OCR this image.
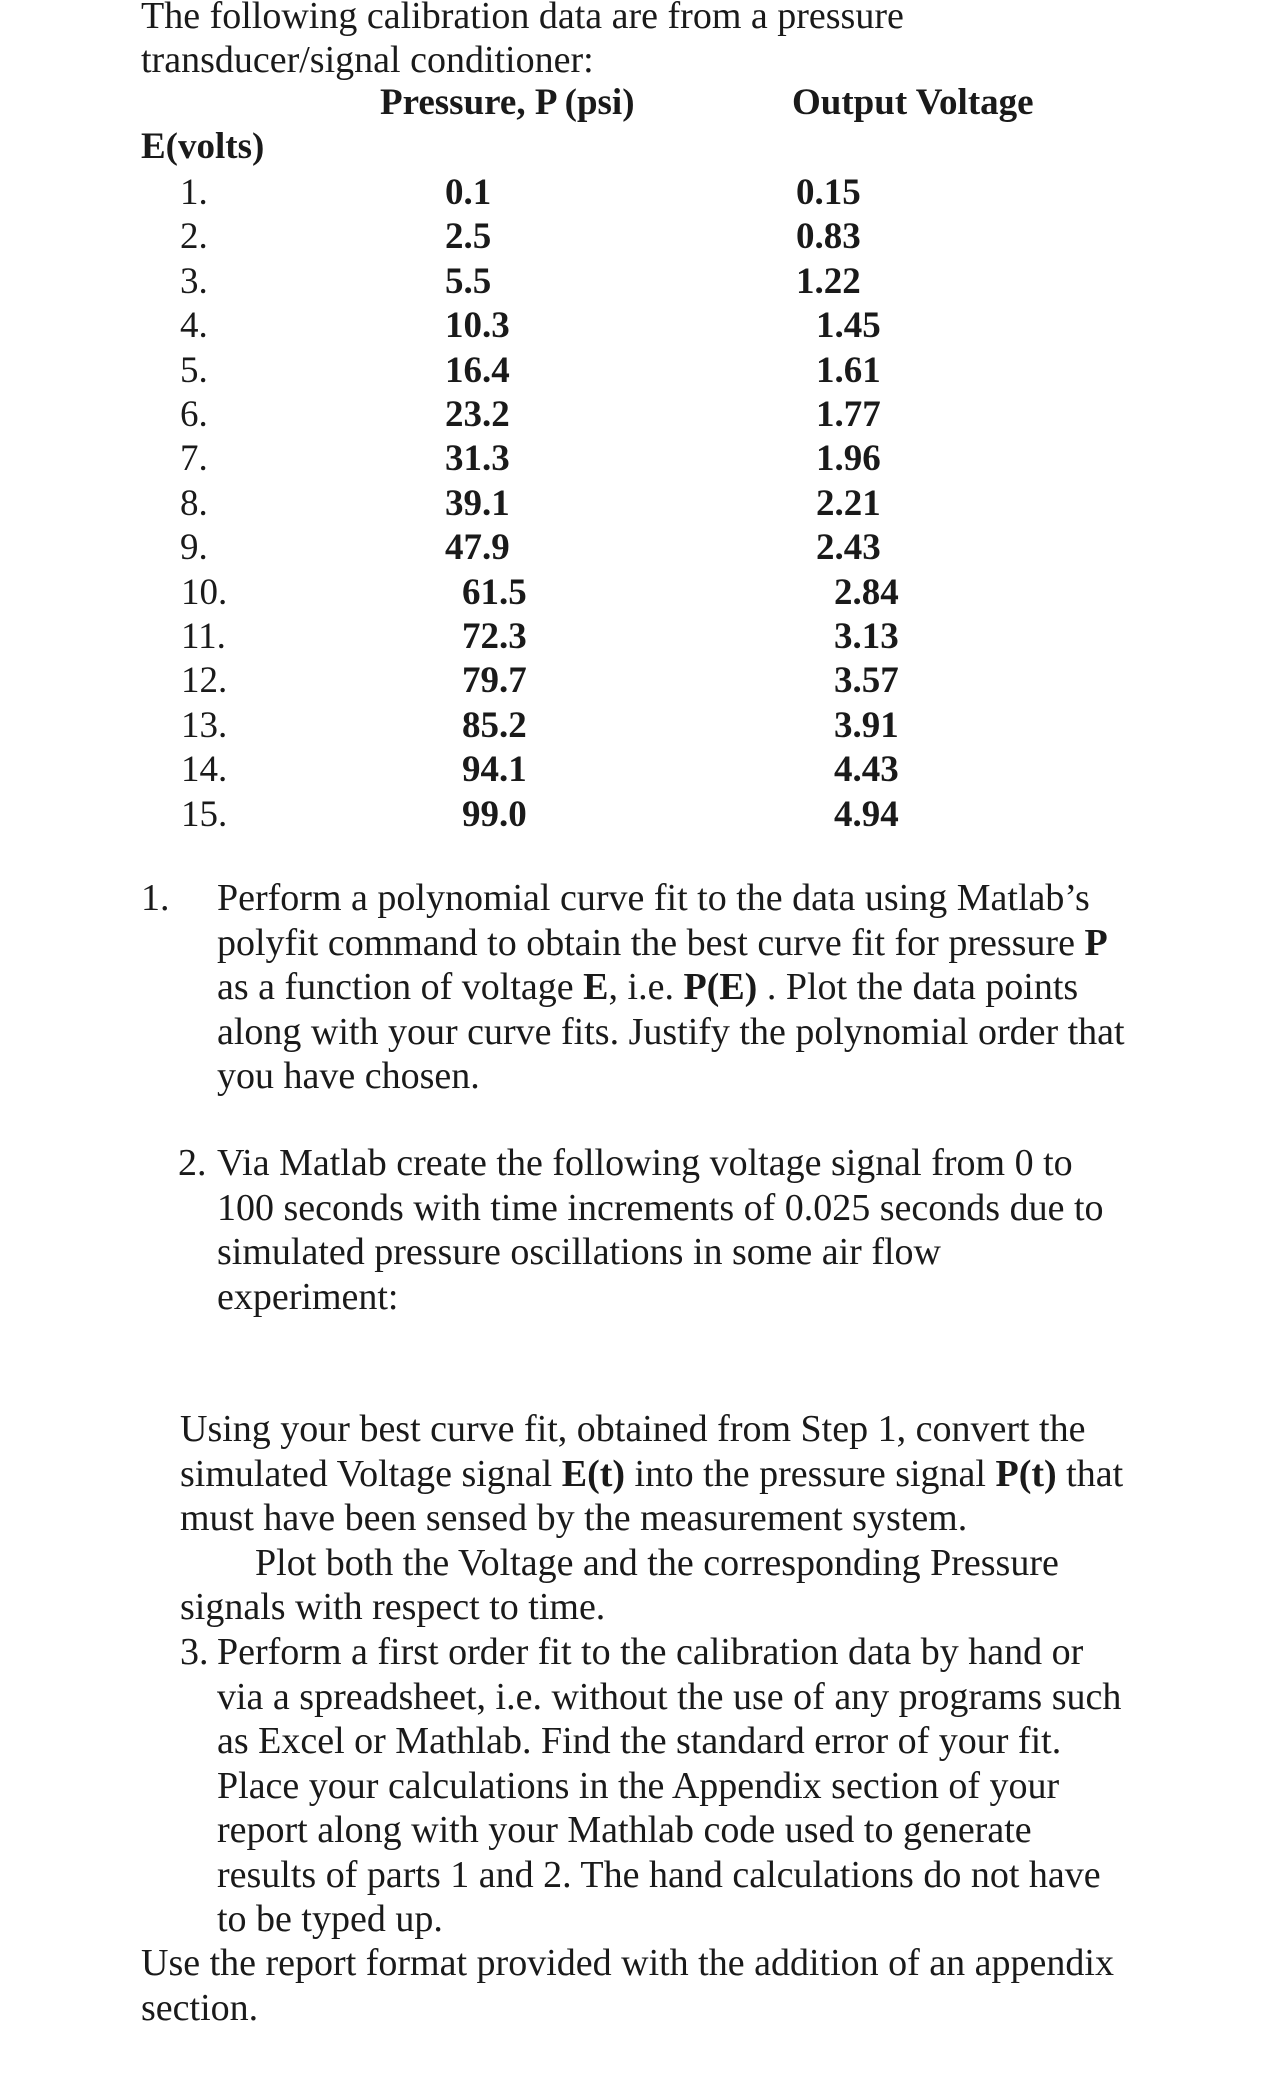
The following calibration data are from a pressure
transducer/signal conditioner:
Pressure, P (psi)	Output Voltage
E(volts)
1.	0.1	0.15
2.	2.5	0.83
3.	5.5	1.22
4.	10.3	1.45
5.	16.4	1.61
6.	23.2	1.77
7.	31.3	1.96
8.	39.1	2.21
9.	47.9	2.43
10.	61.5	2.84
11.	72.3	3.13
12.	79.7	3.57
13.	85.2	3.91
14.	94.1	4.43
15.	99.0	4.94
1. Perform a polynomial curve fit to the data using Matlab’s
polyfit command to obtain the best curve fit for pressure P
as a function of voltage E, i.e. P(E) . Plot the data points
along with your curve fits. Justify the polynomial order that
you have chosen.
2. Via Matlab create the following voltage signal from 0 to
100 seconds with time increments of 0.025 seconds due to
simulated pressure oscillations in some air flow
experiment:
Using your best curve fit, obtained from Step 1, convert the
simulated Voltage signal E(t) into the pressure signal P(t) that
must have been sensed by the measurement system.
Plot both the Voltage and the corresponding Pressure
signals with respect to time.
3. Perform a first order fit to the calibration data by hand or
via a spreadsheet, i.e. without the use of any programs such
as Excel or Mathlab. Find the standard error of your fit.
Place your calculations in the Appendix section of your
report along with your Mathlab code used to generate
results of parts 1 and 2. The hand calculations do not have
to be typed up.
Use the report format provided with the addition of an appendix
section.
